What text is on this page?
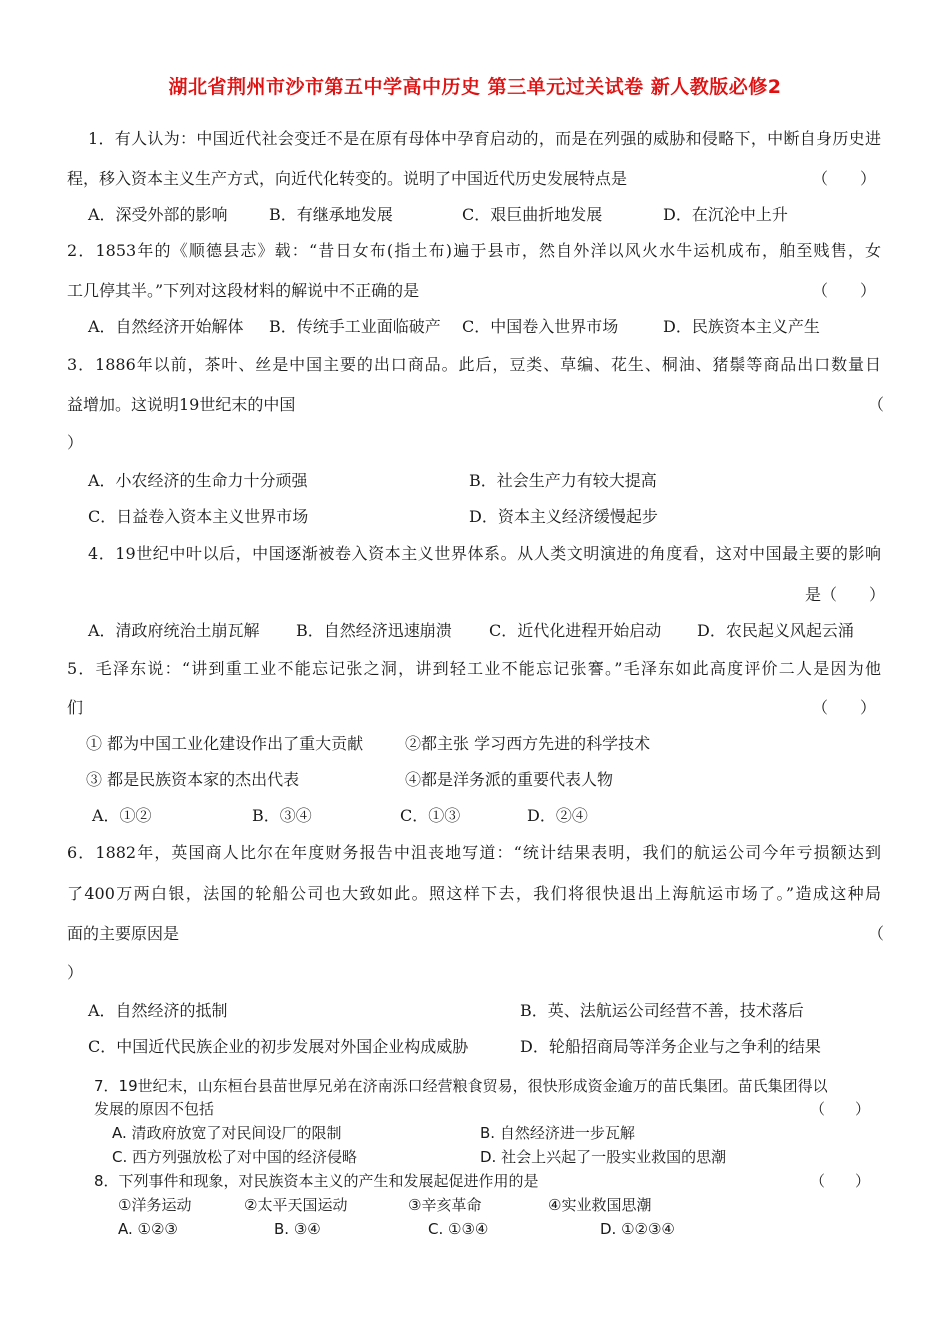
湖北省荆州市沙市第五中学高中历史 第三单元过关试卷 新人教版必修2
1．有人认为：中国近代社会变迁不是在原有母体中孕育启动的，而是在列强的威胁和侵略下，中断自身历史进
程，移入资本主义生产方式，向近代化转变的。说明了中国近代历史发展特点是	（　　）
A．深受外部的影响	B．有继承地发展	C．艰巨曲折地发展	D．在沉沦中上升
2．1853年的《顺德县志》载：“昔日女布(指土布)遍于县市，然自外洋以风火水牛运机成布，舶至贱售，女
工几停其半。”下列对这段材料的解说中不正确的是	（　　）
A．自然经济开始解体 B．传统手工业面临破产 C．中国卷入世界市场	D．民族资本主义产生
3．1886年以前，茶叶、丝是中国主要的出口商品。此后，豆类、草编、花生、桐油、猪鬃等商品出口数量日
益增加。这说明19世纪末的中国	（
）
A．小农经济的生命力十分顽强	B．社会生产力有较大提高
C．日益卷入资本主义世界市场	D．资本主义经济缓慢起步
4．19世纪中叶以后，中国逐渐被卷入资本主义世界体系。从人类文明演进的角度看，这对中国最主要的影响
是（　　）
A．清政府统治土崩瓦解 B．自然经济迅速崩溃 C．近代化进程开始启动 D．农民起义风起云涌
5．毛泽东说：“讲到重工业不能忘记张之洞，讲到轻工业不能忘记张謇。”毛泽东如此高度评价二人是因为他
们	（　　）
① 都为中国工业化建设作出了重大贡献	②都主张 学习西方先进的科学技术
③ 都是民族资本家的杰出代表	④都是洋务派的重要代表人物
A．①②	B．③④	C．①③	D．②④
6．1882年，英国商人比尔在年度财务报告中沮丧地写道：“统计结果表明，我们的航运公司今年亏损额达到
了400万两白银，法国的轮船公司也大致如此。照这样下去，我们将很快退出上海航运市场了。”造成这种局
面的主要原因是	（
）
A．自然经济的抵制	B．英、法航运公司经营不善，技术落后
C．中国近代民族企业的初步发展对外国企业构成威胁	D．轮船招商局等洋务企业与之争利的结果
7．19世纪末，山东桓台县苗世厚兄弟在济南泺口经营粮食贸易，很快形成资金逾万的苗氏集团。苗氏集团得以
发展的原因不包括	（　　）
A. 清政府放宽了对民间设厂的限制	B. 自然经济进一步瓦解
C. 西方列强放松了对中国的经济侵略	D. 社会上兴起了一股实业救国的思潮
8．下列事件和现象，对民族资本主义的产生和发展起促进作用的是	（　　）
①洋务运动	②太平天国运动	③辛亥革命	④实业救国思潮
A. ①②③	B. ③④	C. ①③④	D. ①②③④
